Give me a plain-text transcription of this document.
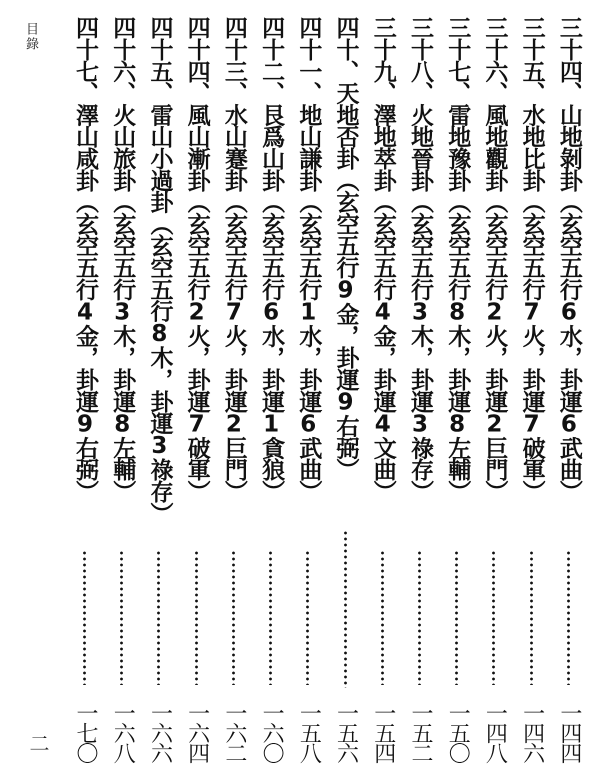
目錄	三十四、山地剝卦（玄空五行6水，卦運6武曲）
一四四
三十五、水地比卦（玄空五行7火，卦運7破軍）
一四六
三十六、風地觀卦（玄空五行2火，卦運2巨門）
一四八
三十七、雷地豫卦（玄空五行8木，卦運8左輔）
一五〇
三十八、火地晉卦（玄空五行3木，卦運3祿存）
一五二
三十九、澤地萃卦（玄空五行4金，卦運4文曲）
一五四
四十、天地否卦（玄空五行9金，卦運9右弼）
一五六
四十一、地山謙卦（玄空五行1水，卦運6武曲）
一五八
四十二、艮爲山卦（玄空五行6水，卦運1貪狼）
一六〇
四十三、水山蹇卦（玄空五行7火，卦運2巨門）
一六二
四十四、風山漸卦（玄空五行2火，卦運7破軍）
一六四
四十五、雷山小過卦（玄空五行8木，卦運3祿存）
一六六
四十六、火山旅卦（玄空五行3木，卦運8左輔）
一六八
四十七、澤山咸卦（玄空五行4金，卦運9右弼）
一七〇
二
